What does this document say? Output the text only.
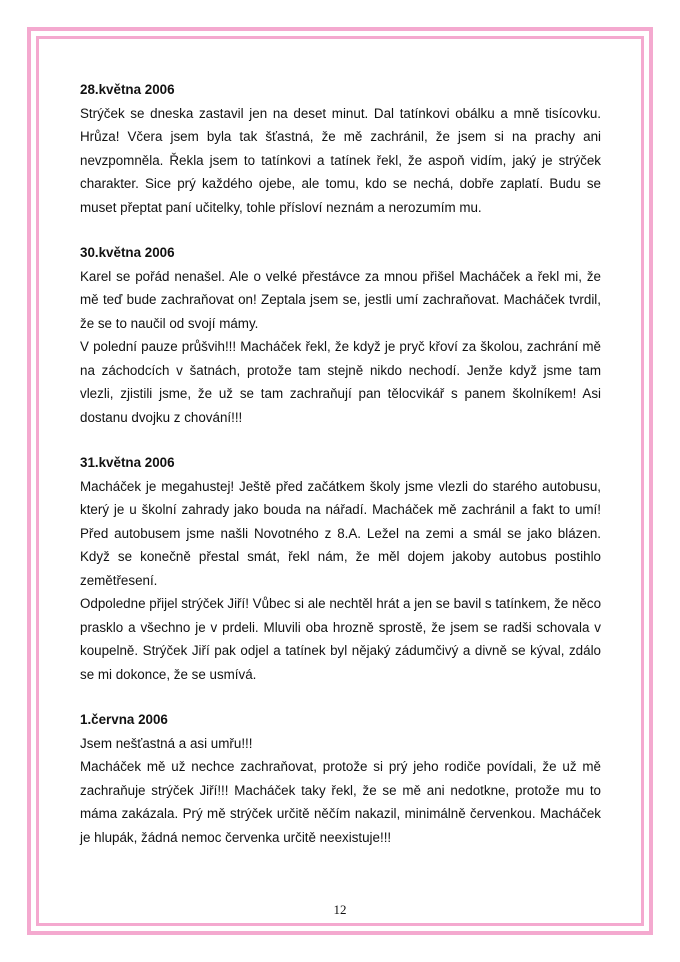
28.května 2006

Strýček se dneska zastavil jen na deset minut. Dal tatínkovi obálku a mně tisícovku. Hrůza! Včera jsem byla tak šťastná, že mě zachránil, že jsem si na prachy ani nevzpomněla. Řekla jsem to tatínkovi a tatínek řekl, že aspoň vidím, jaký je strýček charakter. Sice prý každého ojebe, ale tomu, kdo se nechá, dobře zaplatí. Budu se muset přeptat paní učitelky, tohle přísloví neznám a nerozumím mu.

30.května 2006

Karel se pořád nenašel. Ale o velké přestávce za mnou přišel Macháček a řekl mi, že mě teď bude zachraňovat on! Zeptala jsem se, jestli umí zachraňovat. Macháček tvrdil, že se to naučil od svojí mámy.

V polední pauze průšvih!!! Macháček řekl, že když je pryč křoví za školou, zachrání mě na záchodcích v šatnách, protože tam stejně nikdo nechodí. Jenže když jsme tam vlezli, zjistili jsme, že už se tam zachraňují pan tělocvikář s panem školníkem! Asi dostanu dvojku z chování!!!

31.května 2006

Macháček je megahustej! Ještě před začátkem školy jsme vlezli do starého autobusu, který je u školní zahrady jako bouda na nářadí. Macháček mě zachránil a fakt to umí! Před autobusem jsme našli Novotného z 8.A. Ležel na zemi a smál se jako blázen. Když se konečně přestal smát, řekl nám, že měl dojem jakoby autobus postihlo zemětřesení.

Odpoledne přijel strýček Jiří! Vůbec si ale nechtěl hrát a jen se bavil s tatínkem, že něco prasklo a všechno je v prdeli. Mluvili oba hrozně sprostě, že jsem se radši schovala v koupelně. Strýček Jiří pak odjel a tatínek byl nějaký zádumčivý a divně se kýval, zdálo se mi dokonce, že se usmívá.

1.června 2006

Jsem nešťastná a asi umřu!!!

Macháček mě už nechce zachraňovat, protože si prý jeho rodiče povídali, že už mě zachraňuje strýček Jiří!!! Macháček taky řekl, že se mě ani nedotkne, protože mu to máma zakázala. Prý mě strýček určitě něčím nakazil, minimálně červenkou. Macháček je hlupák, žádná nemoc červenka určitě neexistuje!!!

12
